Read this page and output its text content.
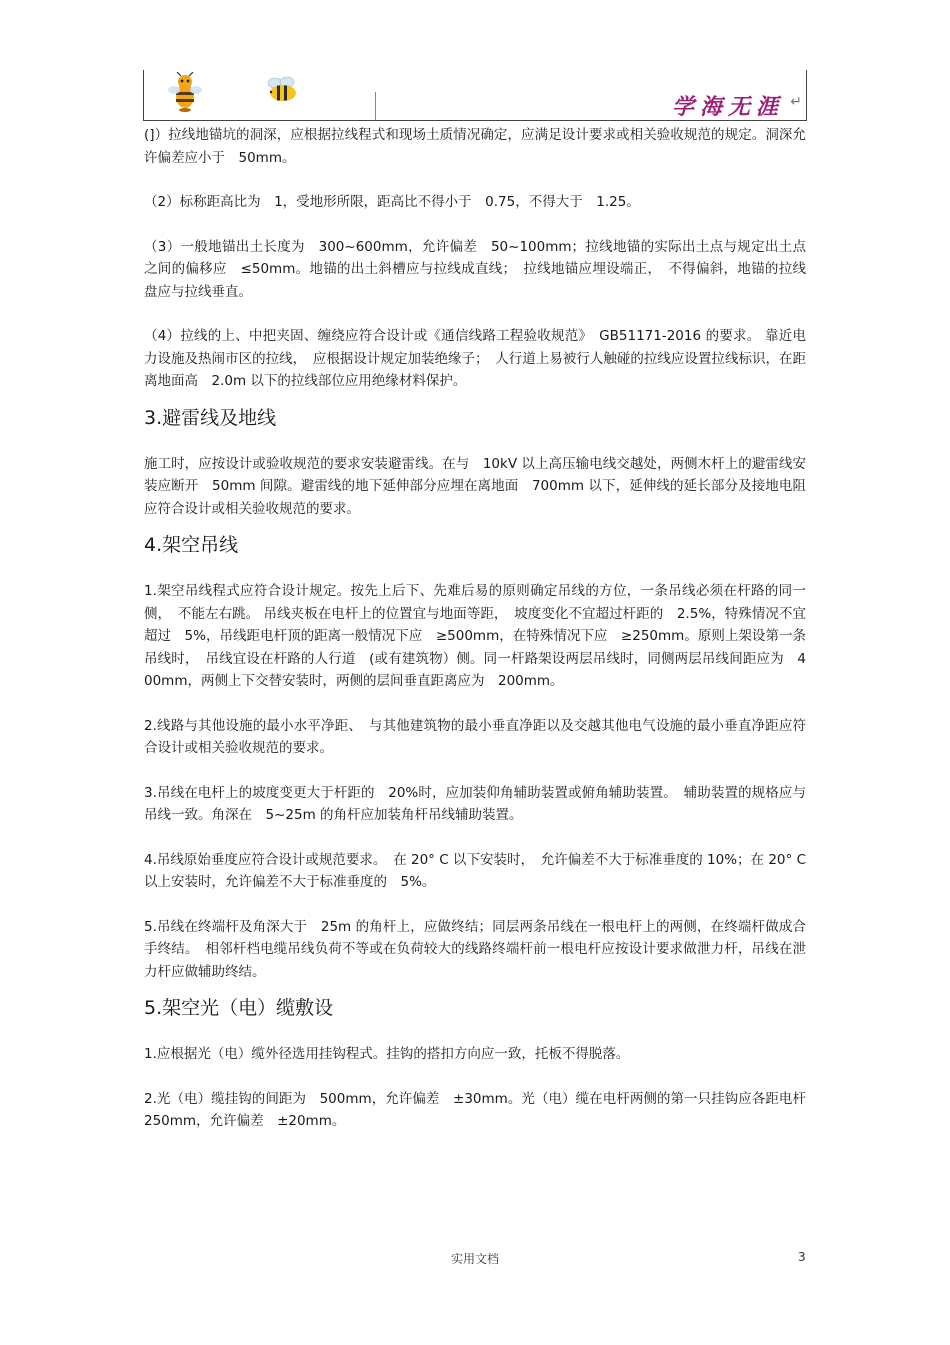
学海无涯 ↵

(]）拉线地锚坑的洞深，应根据拉线程式和现场土质情况确定，应满足设计要求或相关验收规范的规定。洞深允许偏差应小于　50mm。

（2）标称距高比为　1，受地形所限，距高比不得小于　0.75，不得大于　1.25。

（3）一般地锚出土长度为　300~600mm，允许偏差　50~100mm；拉线地锚的实际出土点与规定出土点之间的偏移应　≤50mm。地锚的出土斜槽应与拉线成直线；　拉线地锚应埋设端正，　不得偏斜，地锚的拉线盘应与拉线垂直。

（4）拉线的上、中把夹固、缠绕应符合设计或《通信线路工程验收规范》　GB51171-2016 的要求。 靠近电力设施及热闹市区的拉线，　应根据设计规定加装绝缘子；　人行道上易被行人触碰的拉线应设置拉线标识，在距离地面高　2.0m 以下的拉线部位应用绝缘材料保护。

3.避雷线及地线

施工时，应按设计或验收规范的要求安装避雷线。在与　10kV 以上高压输电线交越处，两侧木杆上的避雷线安装应断开　50mm 间隙。避雷线的地下延伸部分应埋在离地面　700mm 以下，延伸线的延长部分及接地电阻应符合设计或相关验收规范的要求。

4.架空吊线

1.架空吊线程式应符合设计规定。按先上后下、先难后易的原则确定吊线的方位，一条吊线必须在杆路的同一侧，　不能左右跳。 吊线夹板在电杆上的位置宜与地面等距，　坡度变化不宜超过杆距的　2.5%，特殊情况不宜超过　5%，吊线距电杆顶的距离一般情况下应　≥500mm，在特殊情况下应　≥250mm。原则上架设第一条吊线时，　吊线宜设在杆路的人行道　(或有建筑物）侧。同一杆路架设两层吊线时，同侧两层吊线间距应为　400mm，两侧上下交替安装时，两侧的层间垂直距离应为　200mm。

2.线路与其他设施的最小水平净距、　与其他建筑物的最小垂直净距以及交越其他电气设施的最小垂直净距应符合设计或相关验收规范的要求。

3.吊线在电杆上的坡度变更大于杆距的　20%时，应加装仰角辅助装置或俯角辅助装置。　辅助装置的规格应与吊线一致。角深在　5~25m 的角杆应加装角杆吊线辅助装置。

4.吊线原始垂度应符合设计或规范要求。　在 20° C 以下安装时，　允许偏差不大于标准垂度的 10%；在 20° C 以上安装时，允许偏差不大于标准垂度的　5%。

5.吊线在终端杆及角深大于　25m 的角杆上，应做终结；同层两条吊线在一根电杆上的两侧，在终端杆做成合手终结。　相邻杆档电缆吊线负荷不等或在负荷较大的线路终端杆前一根电杆应按设计要求做泄力杆，吊线在泄力杆应做辅助终结。

5.架空光（电）缆敷设

1.应根据光（电）缆外径选用挂钩程式。挂钩的搭扣方向应一致，托板不得脱落。

2.光（电）缆挂钩的间距为　500mm，允许偏差　±30mm。光（电）缆在电杆两侧的第一只挂钩应各距电杆　250mm，允许偏差　±20mm。

实用文档	3
